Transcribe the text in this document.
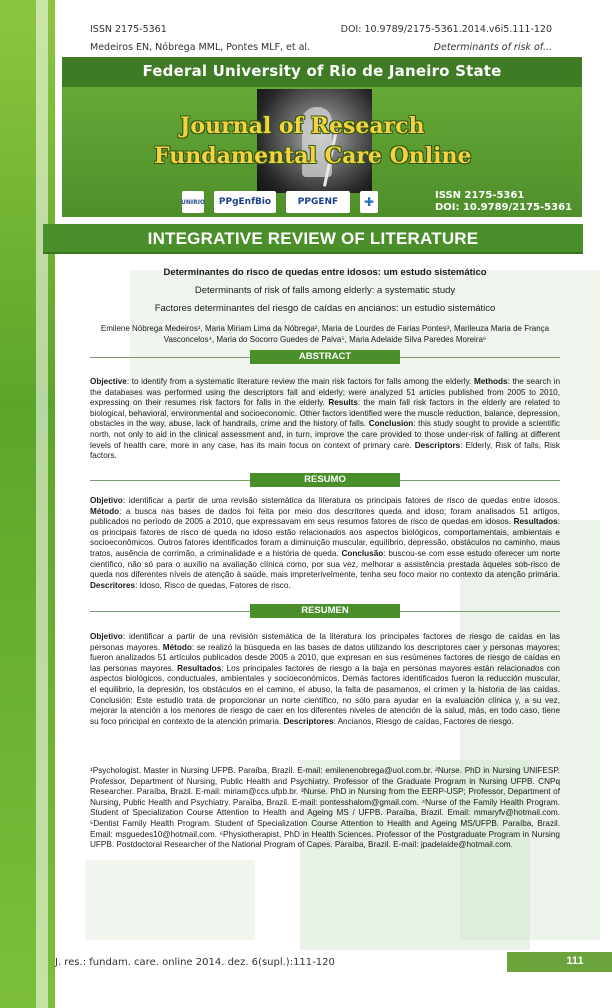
ISSN 2175-5361	DOI: 10.9789/2175-5361.2014.v6i5.111-120
Medeiros EN, Nóbrega MML, Pontes MLF, et al.	Determinants of risk of...
Federal University of Rio de Janeiro State
Journal of Research
Fundamental Care Online
UNIRIO	PPgEnfBio	PPGENF	✚	ISSN 2175-5361
DOI: 10.9789/2175-5361
INTEGRATIVE REVIEW OF LITERATURE
Determinantes do risco de quedas entre idosos: um estudo sistemático
Determinants of risk of falls among elderly: a systematic study
Factores determinantes del riesgo de caídas en ancianos: un estudio sistemático
Emilene Nóbrega Medeiros¹, Maria Miriam Lima da Nóbrega², Maria de Lourdes de Farias Pontes³, Marileuza Maria de França Vasconcelos⁴, Maria do Socorro Guedes de Paiva⁵, Maria Adelaide Silva Paredes Moreira⁶
ABSTRACT
Objective: to identify from a systematic literature review the main risk factors for falls among the elderly. Methods: the search in the databases was performed using the descriptors fall and elderly; were analyzed 51 articles published from 2005 to 2010, expressing on their resumes risk factors for falls in the elderly. Results: the main fall risk factors in the elderly are related to biological, behavioral, environmental and socioeconomic. Other factors identified were the muscle reduction, balance, depression, obstacles in the way, abuse, lack of handrails, crime and the history of falls. Conclusion: this study sought to provide a scientific north, not only to aid in the clinical assessment and, in turn, improve the care provided to those under-risk of falling at different levels of health care, more in any case, has its main focus on context of primary care. Descriptors: Elderly, Risk of falls, Risk factors.
RESUMO
Objetivo: identificar a partir de uma revisão sistemática da literatura os principais fatores de risco de quedas entre idosos. Método: a busca nas bases de dados foi feita por meio dos descritores queda and idoso; foram analisados 51 artigos, publicados no período de 2005 a 2010, que expressavam em seus resumos fatores de risco de quedas em idosos. Resultados: os principais fatores de risco de queda no idoso estão relacionados aos aspectos biológicos, comportamentais, ambientais e socioeconômicos. Outros fatores identificados foram a diminuição muscular, equilíbrio, depressão, obstáculos no caminho, maus tratos, ausência de corrimão, a criminalidade e a história de queda. Conclusão: buscou-se com esse estudo oferecer um norte científico, não só para o auxílio na avaliação clínica como, por sua vez, melhorar a assistência prestada àqueles sob-risco de queda nos diferentes níveis de atenção à saúde, mais impreterivelmente, tenha seu foco maior no contexto da atenção primária. Descritores: Idoso, Risco de quedas, Fatores de risco.
RESUMEN
Objetivo: identificar a partir de una revisión sistemática de la literatura los principales factores de riesgo de caídas en las personas mayores. Método: se realizó la búsqueda en las bases de datos utilizando los descriptores caer y personas mayores; fueron analizados 51 artículos publicados desde 2005 a 2010, que expresan en sus resúmenes factores de riesgo de caídas en las personas mayores. Resultados: Los principales factores de riesgo a la baja en personas mayores están relacionados con aspectos biológicos, conductuales, ambientales y socioeconómicos. Demás factores identificados fueron la reducción muscular, el equilibrio, la depresión, los obstáculos en el camino, el abuso, la falta de pasamanos, el crimen y la historia de las caídas. Conclusión: Este estudio trata de proporcionar un norte científico, no sólo para ayudar en la evaluación clínica y, a su vez, mejorar la atención a los menores de riesgo de caer en los diferentes niveles de atención de la salud, más, en todo caso, tiene su foco principal en contexto de la atención primaria. Descriptores: Ancianos, Riesgo de caídas, Factores de riesgo.
¹Psychologist. Master in Nursing UFPB. Paraíba, Brazil. E-mail: emilenenobrega@uol.com.br. ²Nurse. PhD in Nursing UNIFESP. Professor, Department of Nursing, Public Health and Psychiatry. Professor of the Graduate Program in Nursing UFPB. CNPq Researcher. Paraíba, Brazil. E-mail: miriam@ccs.ufpb.br. ³Nurse. PhD in Nursing from the EERP-USP; Professor, Department of Nursing, Public Health and Psychiatry. Paraíba, Brazil. E-mail: pontesshalom@gmail.com. ⁴Nurse of the Family Health Program. Student of Specialization Course Attention to Health and Ageing MS / UFPB. Paraíba, Brazil. Email: mmaryfv@hotmail.com. ⁵Dentist Family Health Program. Student of Specialization Course Attention to Health and Ageing MS/UFPB. Paraíba, Brazil. Email: msguedes10@hotmail.com. ⁶Physiotherapist, PhD in Health Sciences. Professor of the Postgraduate Program in Nursing UFPB. Postdoctoral Researcher of the National Program of Capes. Paraíba, Brazil. E-mail: jpadelaide@hotmail.com.
J. res.: fundam. care. online 2014. dez. 6(supl.):111-120	111
